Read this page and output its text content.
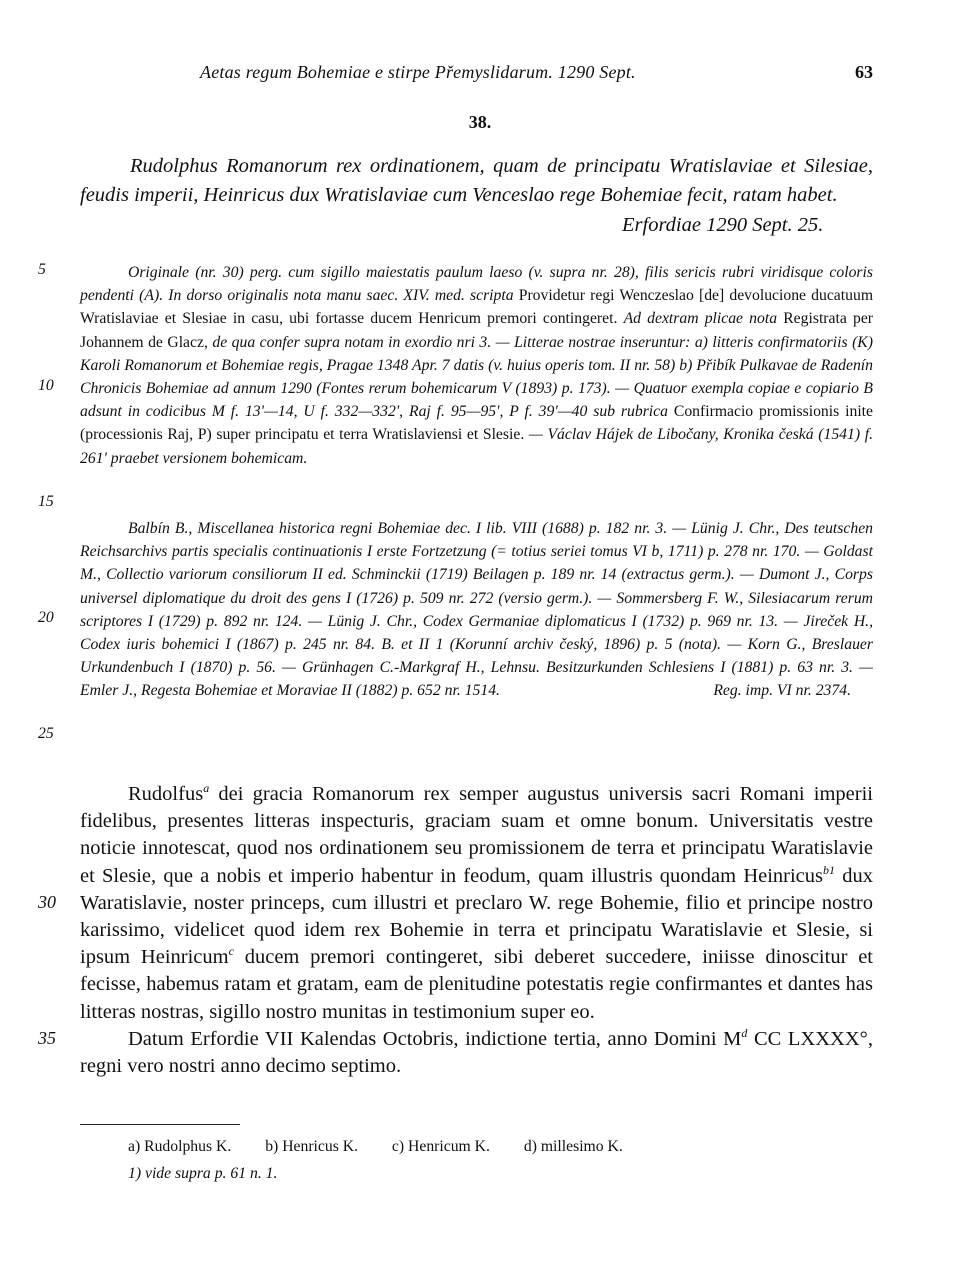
Aetas regum Bohemiae e stirpe Přemyslidarum. 1290 Sept.	63
38.

Rudolphus Romanorum rex ordinationem, quam de principatu Wratislaviae et Silesiae, feudis imperii, Heinricus dux Wratislaviae cum Venceslao rege Bohemiae fecit, ratam habet.

Erfordiae 1290 Sept. 25.
5
10
15
20
25
30
35

Originale (nr. 30) perg. cum sigillo maiestatis paulum laeso (v. supra nr. 28), filis sericis rubri viridisque coloris pendenti (A). In dorso originalis nota manu saec. XIV. med. scripta Providetur regi Wenczeslao [de] devolucione ducatuum Wratislaviae et Slesiae in casu, ubi fortasse ducem Henricum premori contingeret. Ad dextram plicae nota Registrata per Johannem de Glacz, de qua confer supra notam in exordio nri 3. — Litterae nostrae inseruntur: a) litteris confirmatoriis (K) Karoli Romanorum et Bohemiae regis, Pragae 1348 Apr. 7 datis (v. huius operis tom. II nr. 58) b) Přibík Pulkavae de Radenín Chronicis Bohemiae ad annum 1290 (Fontes rerum bohemicarum V (1893) p. 173). — Quatuor exempla copiae e copiario B adsunt in codicibus M f. 13'—14, U f. 332—332', Raj f. 95—95', P f. 39'—40 sub rubrica Confirmacio promissionis inite (processionis Raj, P) super principatu et terra Wratislaviensi et Slesie. — Václav Hájek de Libočany, Kronika česká (1541) f. 261' praebet versionem bohemicam.

Balbín B., Miscellanea historica regni Bohemiae dec. I lib. VIII (1688) p. 182 nr. 3. — Lünig J. Chr., Des teutschen Reichsarchivs partis specialis continuationis I erste Fortzetzung (= totius seriei tomus VI b, 1711) p. 278 nr. 170. — Goldast M., Collectio variorum consiliorum II ed. Schminckii (1719) Beilagen p. 189 nr. 14 (extractus germ.). — Dumont J., Corps universel diplomatique du droit des gens I (1726) p. 509 nr. 272 (versio germ.). — Sommersberg F. W., Silesiacarum rerum scriptores I (1729) p. 892 nr. 124. — Lünig J. Chr., Codex Germaniae diplomaticus I (1732) p. 969 nr. 13. — Jireček H., Codex iuris bohemici I (1867) p. 245 nr. 84. B. et II 1 (Korunní archiv český, 1896) p. 5 (nota). — Korn G., Breslauer Urkundenbuch I (1870) p. 56. — Grünhagen C.-Markgraf H., Lehnsu. Besitzurkunden Schlesiens I (1881) p. 63 nr. 3. — Emler J., Regesta Bohemiae et Moraviae II (1882) p. 652 nr. 1514.	Reg. imp. VI nr. 2374.

Rudolfus$^a$ dei gracia Romanorum rex semper augustus universis sacri Romani imperii fidelibus, presentes litteras inspecturis, graciam suam et omne bonum. Universitatis vestre noticie innotescat, quod nos ordinationem seu promissionem de terra et principatu Waratislavie et Slesie, que a nobis et imperio habentur in feodum, quam illustris quondam Heinricus$^{b1}$ dux Waratislavie, noster princeps, cum illustri et preclaro W. rege Bohemie, filio et principe nostro karissimo, videlicet quod idem rex Bohemie in terra et principatu Waratislavie et Slesie, si ipsum Heinricum$^c$ ducem premori contingeret, sibi deberet succedere, iniisse dinoscitur et fecisse, habemus ratam et gratam, eam de plenitudine potestatis regie confirmantes et dantes has litteras nostras, sigillo nostro munitas in testimonium super eo.

Datum Erfordie VII Kalendas Octobris, indictione tertia, anno Domini $M^d$ CC LXXXX°, regni vero nostri anno decimo septimo.

a) Rudolphus K. b) Henricus K. c) Henricum K. d) millesimo K.
1) vide supra p. 61 n. 1.
